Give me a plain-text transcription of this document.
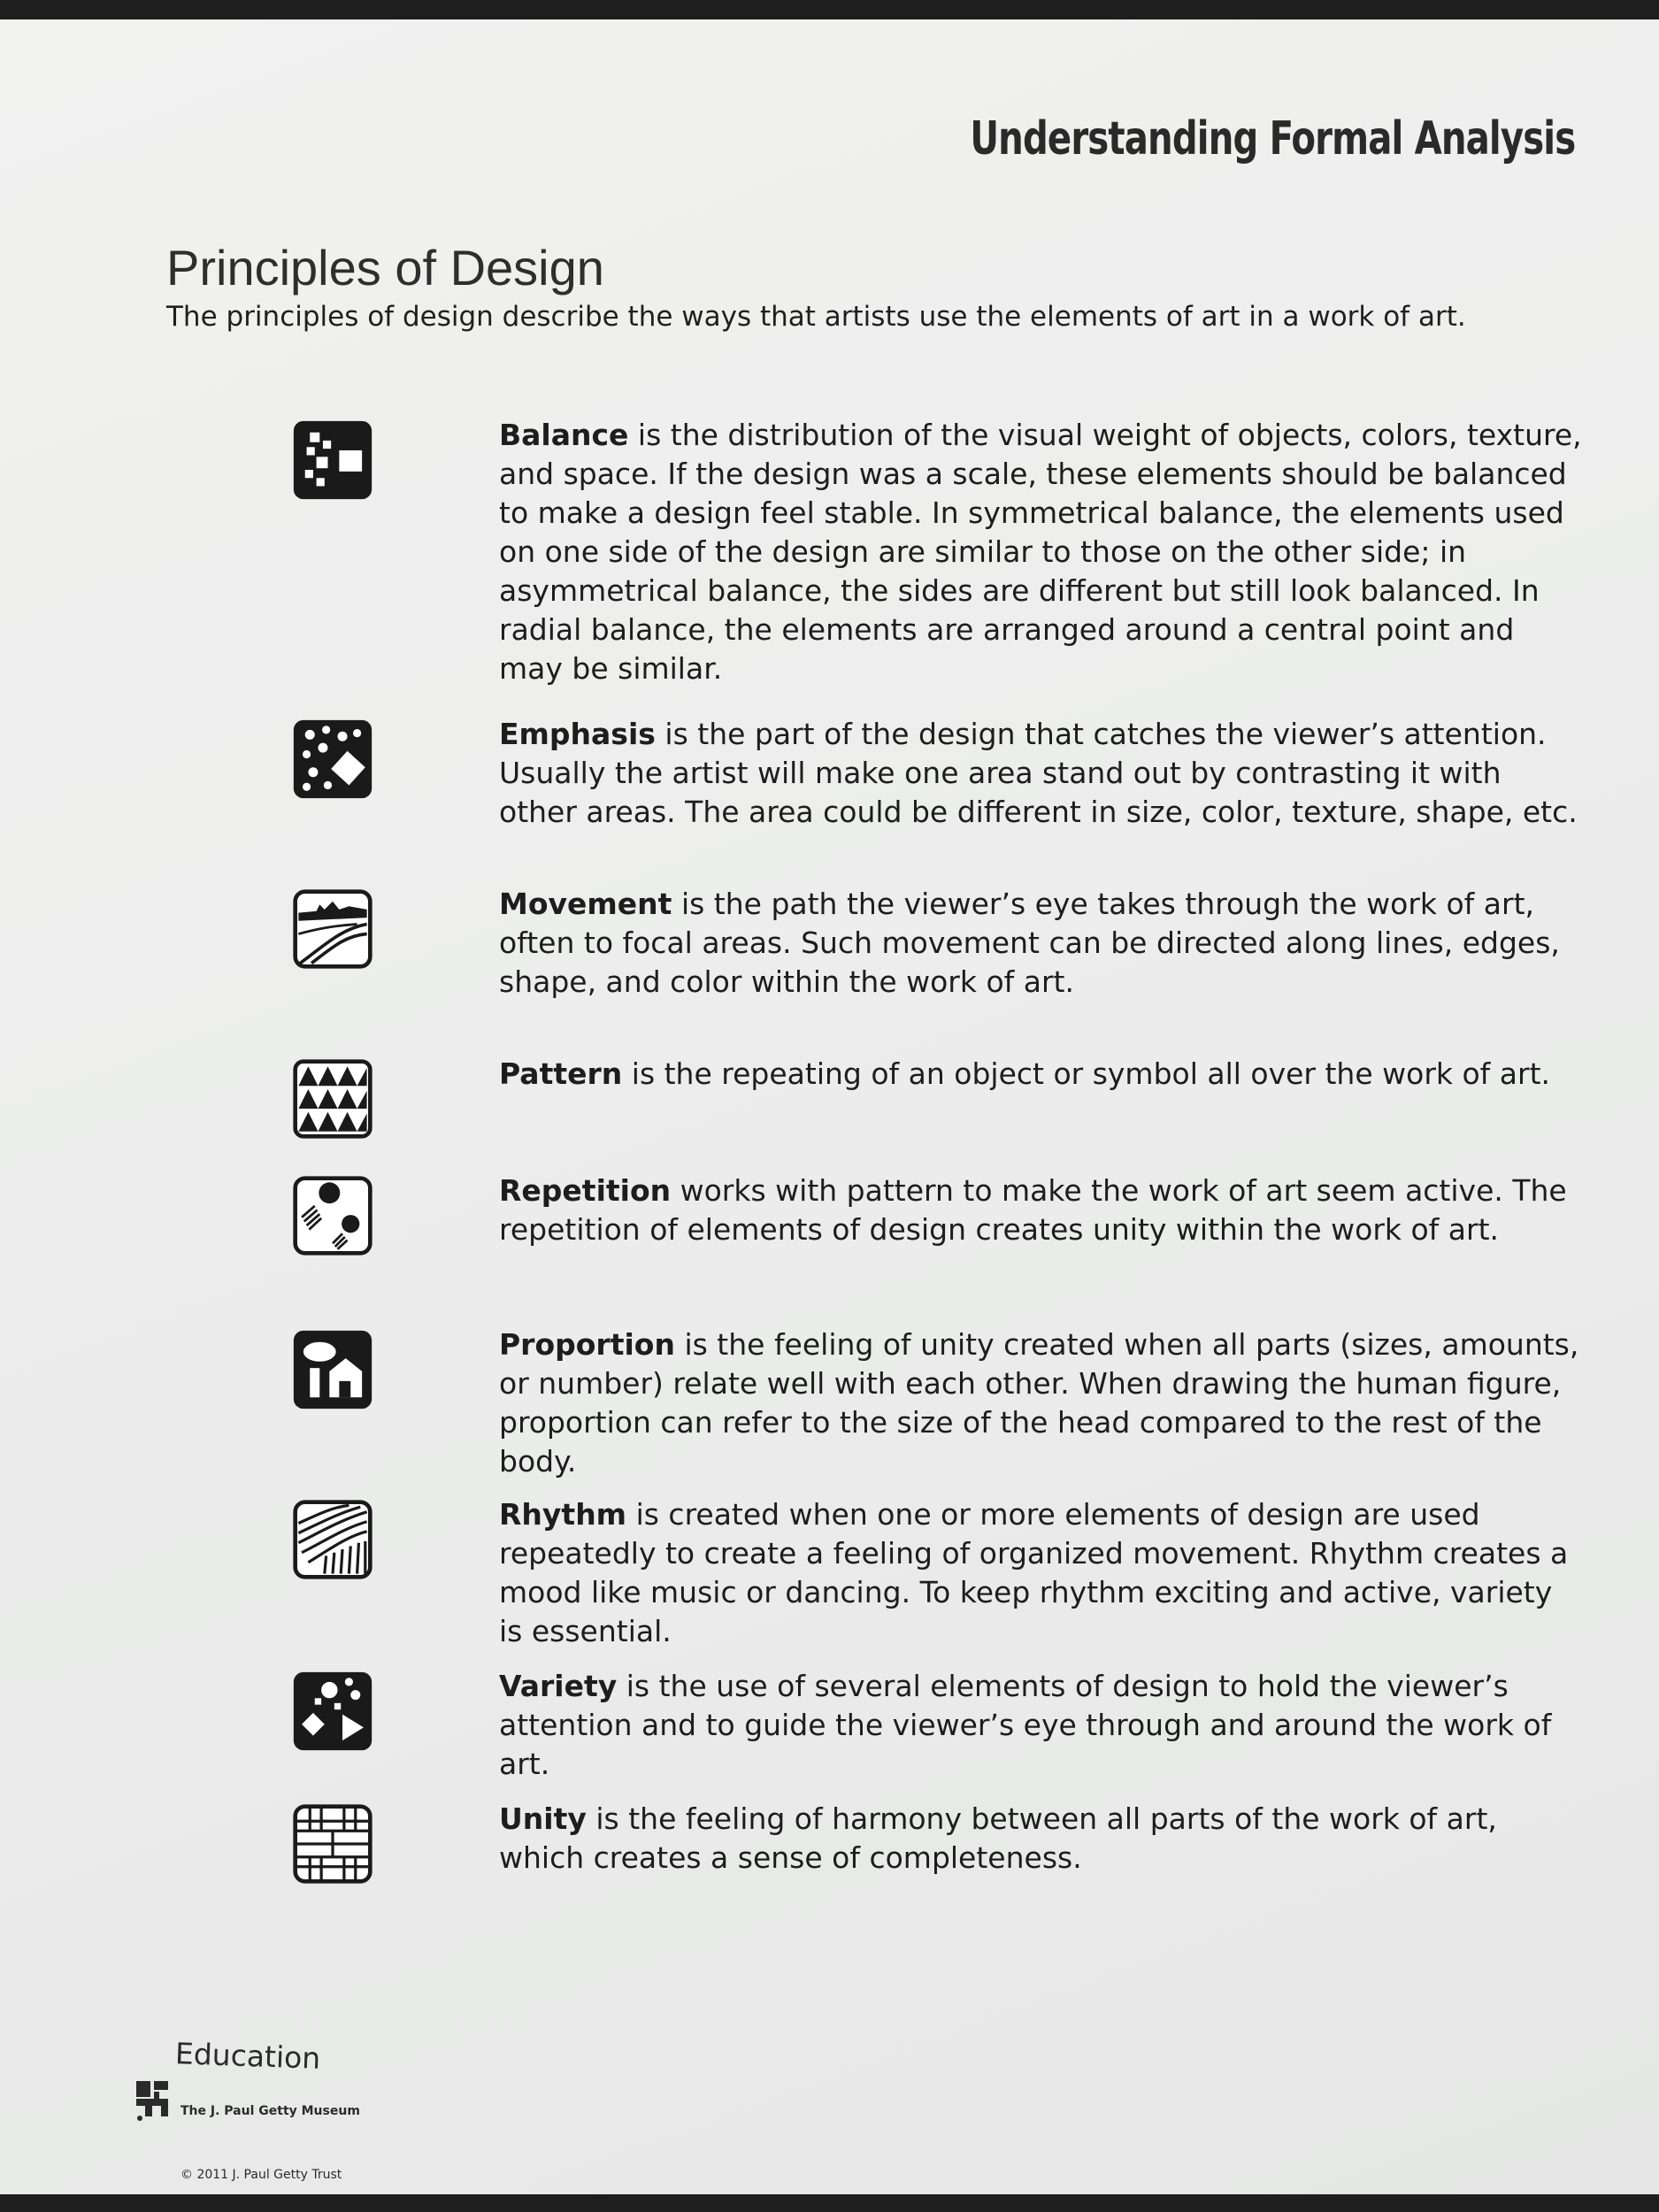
Understanding Formal Analysis
Principles of Design
The principles of design describe the ways that artists use the elements of art in a work of art.
Balance is the distribution of the visual weight of objects, colors, texture, and space. If the design was a scale, these elements should be balanced to make a design feel stable. In symmetrical balance, the elements used on one side of the design are similar to those on the other side; in asymmetrical balance, the sides are different but still look balanced. In radial balance, the elements are arranged around a central point and may be similar.
Emphasis is the part of the design that catches the viewer’s attention. Usually the artist will make one area stand out by contrasting it with other areas. The area could be different in size, color, texture, shape, etc.
Movement is the path the viewer’s eye takes through the work of art, often to focal areas. Such movement can be directed along lines, edges, shape, and color within the work of art.
Pattern is the repeating of an object or symbol all over the work of art.
Repetition works with pattern to make the work of art seem active. The repetition of elements of design creates unity within the work of art.
Proportion is the feeling of unity created when all parts (sizes, amounts, or number) relate well with each other. When drawing the human figure, proportion can refer to the size of the head compared to the rest of the body.
Rhythm is created when one or more elements of design are used repeatedly to create a feeling of organized movement. Rhythm creates a mood like music or dancing. To keep rhythm exciting and active, variety is essential.
Variety is the use of several elements of design to hold the viewer’s attention and to guide the viewer’s eye through and around the work of art.
Unity is the feeling of harmony between all parts of the work of art, which creates a sense of completeness.
Education
The J. Paul Getty Museum
© 2011 J. Paul Getty Trust
